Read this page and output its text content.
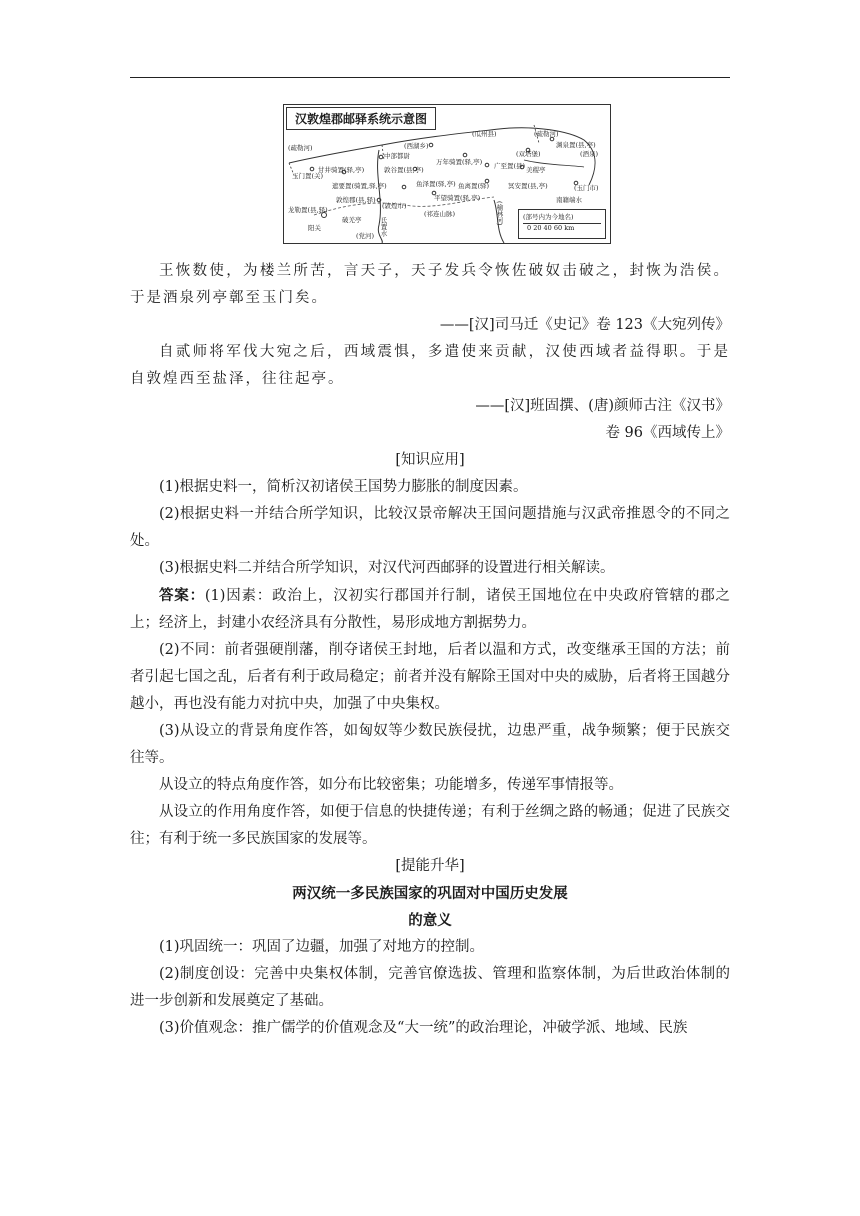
汉敦煌郡邮驿系统示意图
(疏勒河)	(西湖乡)
(瓜州县)	(疏勒河)
(双塔堡)
渊泉置(县,亭)
中部都尉
甘井骑置(驿,亭)
玉门置(关)
敦谷置(县,亭)
万年骑置(驿,亭) 广至置(县) 美稷亭
(玉门市)
遮要置(骑置,驿,亭)	鱼泽置(驿,亭) 鱼离置(驿)	冥安置(县,亭)
敦煌郡(县,驿)	平望骑置(驿,亭)
(敦煌市)
龙勒置(县,驿)
阳关
(祁连山脉)	(榆林河)
破羌亭
(党河) 氐置水
南籍端水
(酒泉)
(部号内为今地名)
0 20 40 60 km

王恢数使，为楼兰所苦，言天子，天子发兵令恢佐破奴击破之，封恢为浩侯。于是酒泉列亭鄣至玉门矣。

——[汉]司马迁《史记》卷 123《大宛列传》

自贰师将军伐大宛之后，西域震惧，多遣使来贡献，汉使西域者益得职。于是自敦煌西至盐泽，往往起亭。

——[汉]班固撰、(唐)颜师古注《汉书》

卷 96《西域传上》

[知识应用]

(1)根据史料一，简析汉初诸侯王国势力膨胀的制度因素。

(2)根据史料一并结合所学知识，比较汉景帝解决王国问题措施与汉武帝推恩令的不同之处。

(3)根据史料二并结合所学知识，对汉代河西邮驿的设置进行相关解读。

答案：(1)因素：政治上，汉初实行郡国并行制，诸侯王国地位在中央政府管辖的郡之上；经济上，封建小农经济具有分散性，易形成地方割据势力。

(2)不同：前者强硬削藩，削夺诸侯王封地，后者以温和方式，改变继承王国的方法；前者引起七国之乱，后者有利于政局稳定；前者并没有解除王国对中央的威胁，后者将王国越分越小，再也没有能力对抗中央，加强了中央集权。

(3)从设立的背景角度作答，如匈奴等少数民族侵扰，边患严重，战争频繁；便于民族交往等。

从设立的特点角度作答，如分布比较密集；功能增多，传递军事情报等。

从设立的作用角度作答，如便于信息的快捷传递；有利于丝绸之路的畅通；促进了民族交往；有利于统一多民族国家的发展等。

[提能升华]

两汉统一多民族国家的巩固对中国历史发展

的意义

(1)巩固统一：巩固了边疆，加强了对地方的控制。

(2)制度创设：完善中央集权体制，完善官僚选拔、管理和监察体制，为后世政治体制的进一步创新和发展奠定了基础。

(3)价值观念：推广儒学的价值观念及“大一统”的政治理论，冲破学派、地域、民族
